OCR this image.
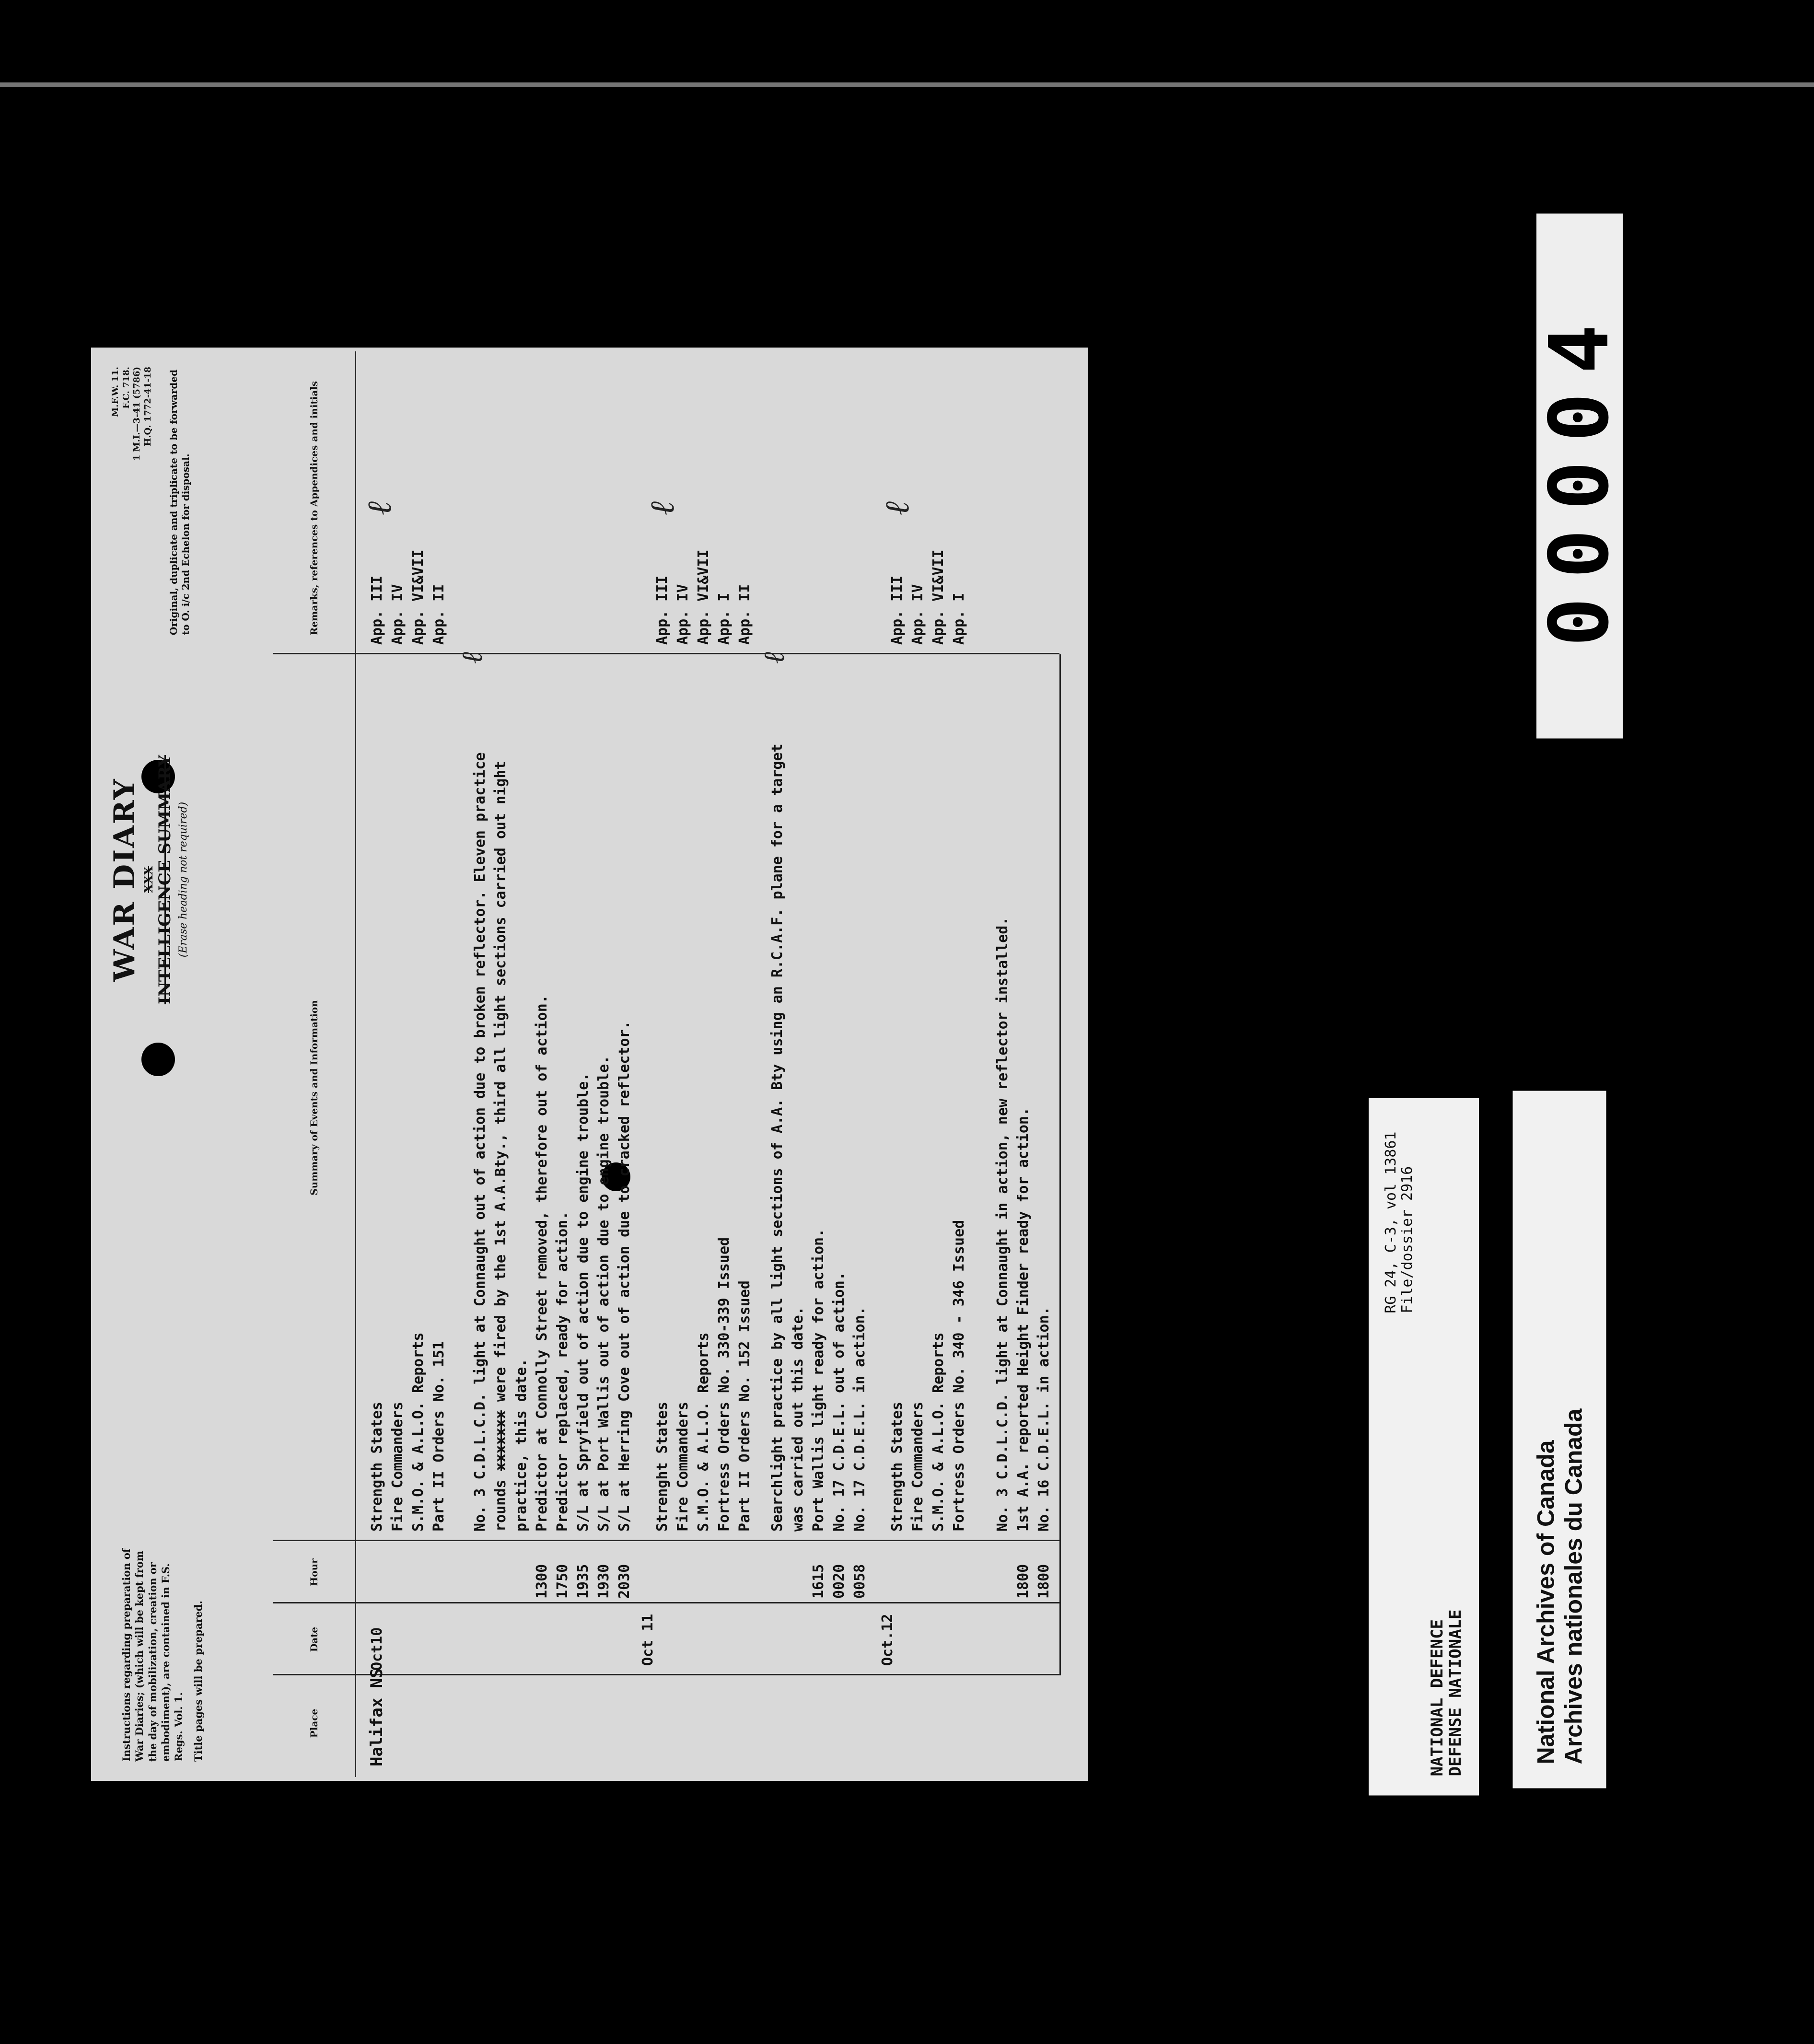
Instructions regarding preparation of War Diaries; (which will be kept from the day of mobilization, creation or embodiment), are contained in F.S. Regs. Vol. 1. Title pages will be prepared.
WAR DIARY XXX INTELLIGENCE SUMMARY (Erase heading not required)
M.F.W. 11. F.C. 718. 1 M.I.—3-41 (5786) H.Q. 1772-41-18 Original, duplicate and triplicate to be forwarded to O. i/c 2nd Echelon for disposal.
Place
Date
Hour
Summary of Events and Information
Remarks, references to Appendices and initials
Halifax NS
Oct10
Strength States Fire Commanders S.M.O. & A.L.O. Reports Part II Orders No. 151
App. III App. IV App. VI&VII App. II
ℓ
No. 3 C.D.L.C.D. light at Connaught out of action due to broken reflector. Eleven practice rounds xxxxxxx were fired by the 1st A.A.Bty., third all light sections carried out night
practice, this date.
ℓ
1300 1750 1935 1930 2030
Predictor at Connolly Street removed, therefore out of action. Predictor replaced, ready for action. S/L at Spryfield out of action due to engine trouble. S/L at Port Wallis out of action due to engine trouble. S/L at Herring Cove out of action due to cracked reflector.
Oct 11
Strenght States Fire Commanders S.M.O. & A.L.O. Reports Fortress Orders No. 330-339 Issued Part II Orders No. 152 Issued
App. III App. IV App. VI&VII App. I App. II
ℓ
Searchlight practice by all light sections of A.A. Bty using an R.C.A.F. plane for a target was carried out this date.
ℓ
1615 0020 0058
Port Wallis light ready for action. No. 17 C.D.E.L. out of action. No. 17 C.D.E.L. in action.
Oct.12
Strength States Fire Commanders S.M.O. & A.L.O. Reports Fortress Orders No. 340 - 346 Issued
App. III App. IV App. VI&VII App. I
ℓ
No. 3 C.D.L.C.D. light at Connaught in action, new reflector installed.
1800 1800
1st A.A. reported Height Finder ready for action. No. 16 C.D.E.L. in action.
00004
NATIONAL DEFENCE
DEFENSE NATIONALE
RG 24, C-3, vol 13861 File/dossier 2916
National Archives of Canada Archives nationales du Canada
